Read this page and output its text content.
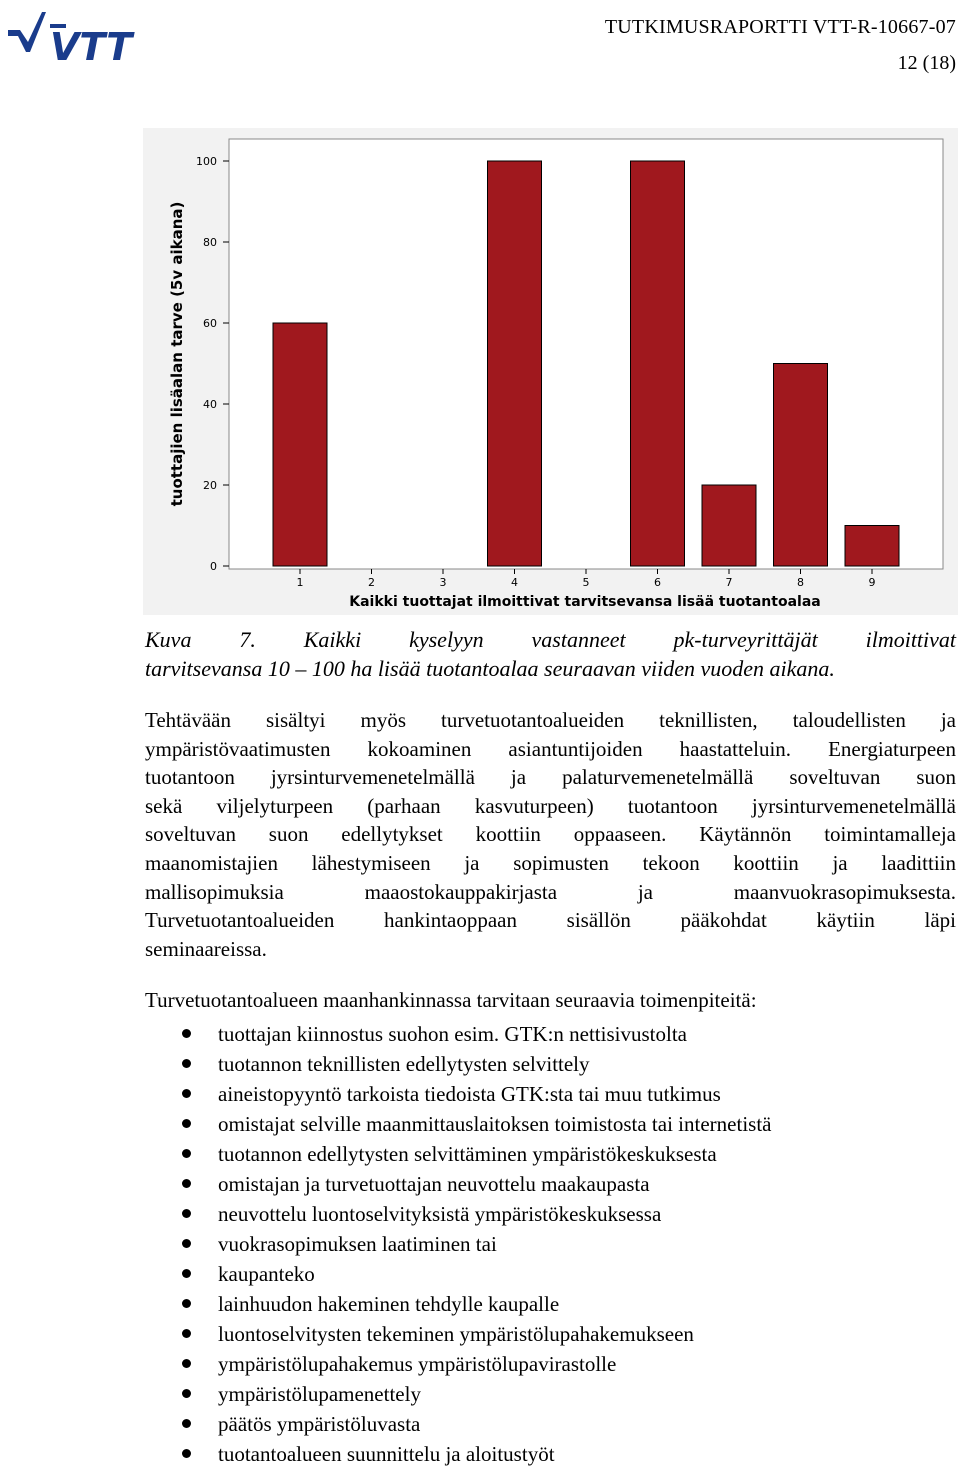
VTT	TUTKIMUSRAPORTTI VTT-R-10667-07
12 (18)
0
20
40
60
80
100
1	2	3	4	5	6	7	8	9
tuottajien lisäalan tarve (5v aikana)
Kaikki tuottajat ilmoittivat tarvitsevansa lisää tuotantoalaa
Kuva 7. Kaikki kyselyyn vastanneet pk-turveyrittäjät ilmoittivat
tarvitsevansa 10 – 100 ha lisää tuotantoalaa seuraavan viiden vuoden aikana.
Tehtävään sisältyi myös turvetuotantoalueiden teknillisten, taloudellisten ja
ympäristövaatimusten kokoaminen asiantuntijoiden haastatteluin. Energiaturpeen
tuotantoon jyrsinturvemenetelmällä ja palaturvemenetelmällä soveltuvan suon
sekä viljelyturpeen (parhaan kasvuturpeen) tuotantoon jyrsinturvemenetelmällä
soveltuvan suon edellytykset koottiin oppaaseen. Käytännön toimintamalleja
maanomistajien lähestymiseen ja sopimusten tekoon koottiin ja laadittiin
mallisopimuksia maaostokauppakirjasta ja maanvuokrasopimuksesta.
Turvetuotantoalueiden hankintaoppaan sisällön pääkohdat käytiin läpi
seminaareissa.
Turvetuotantoalueen maanhankinnassa tarvitaan seuraavia toimenpiteitä:
tuottajan kiinnostus suohon esim. GTK:n nettisivustolta
tuotannon teknillisten edellytysten selvittely
aineistopyyntö tarkoista tiedoista GTK:sta tai muu tutkimus
omistajat selville maanmittauslaitoksen toimistosta tai internetistä
tuotannon edellytysten selvittäminen ympäristökeskuksesta
omistajan ja turvetuottajan neuvottelu maakaupasta
neuvottelu luontoselvityksistä ympäristökeskuksessa
vuokrasopimuksen laatiminen tai
kaupanteko
lainhuudon hakeminen tehdylle kaupalle
luontoselvitysten tekeminen ympäristölupahakemukseen
ympäristölupahakemus ympäristölupavirastolle
ympäristölupamenettely
päätös ympäristöluvasta
tuotantoalueen suunnittelu ja aloitustyöt
